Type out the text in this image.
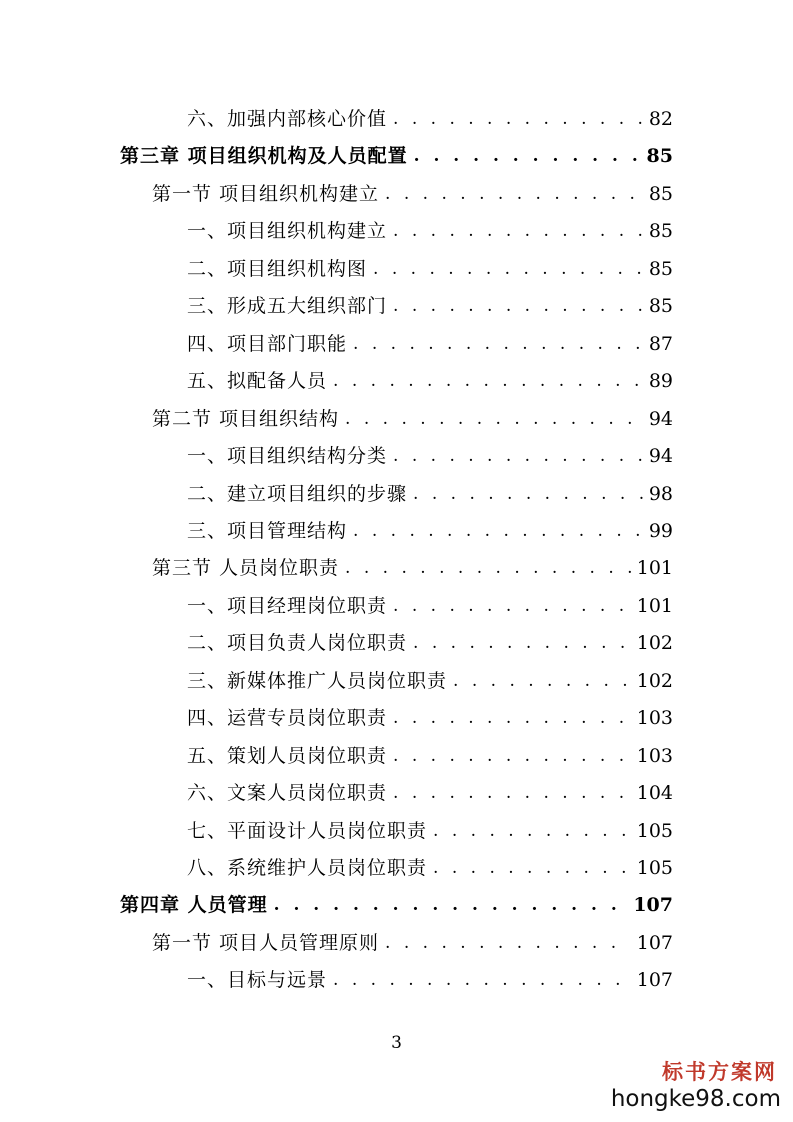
六、加强内部核心价值 . . .	82
第三章 项目组织机构及人员配置 . . .	85
第一节 项目组织机构建立 . . .	85
一、项目组织机构建立 . . .	85
二、项目组织机构图 . . .	85
三、形成五大组织部门 . . .	85
四、项目部门职能 . . .	87
五、拟配备人员 . . .	89
第二节 项目组织结构 . . .	94
一、项目组织结构分类 . . .	94
二、建立项目组织的步骤 . . .	98
三、项目管理结构 . . .	99
第三节 人员岗位职责 . . .	101
一、项目经理岗位职责 . . .	101
二、项目负责人岗位职责 . . .	102
三、新媒体推广人员岗位职责 . . .	102
四、运营专员岗位职责 . . .	103
五、策划人员岗位职责 . . .	103
六、文案人员岗位职责 . . .	104
七、平面设计人员岗位职责 . . .	105
八、系统维护人员岗位职责 . . .	105
第四章 人员管理 . . .	107
第一节 项目人员管理原则 . . .	107
一、目标与远景 . . .	107
3
标书方案网
hongke98.com
